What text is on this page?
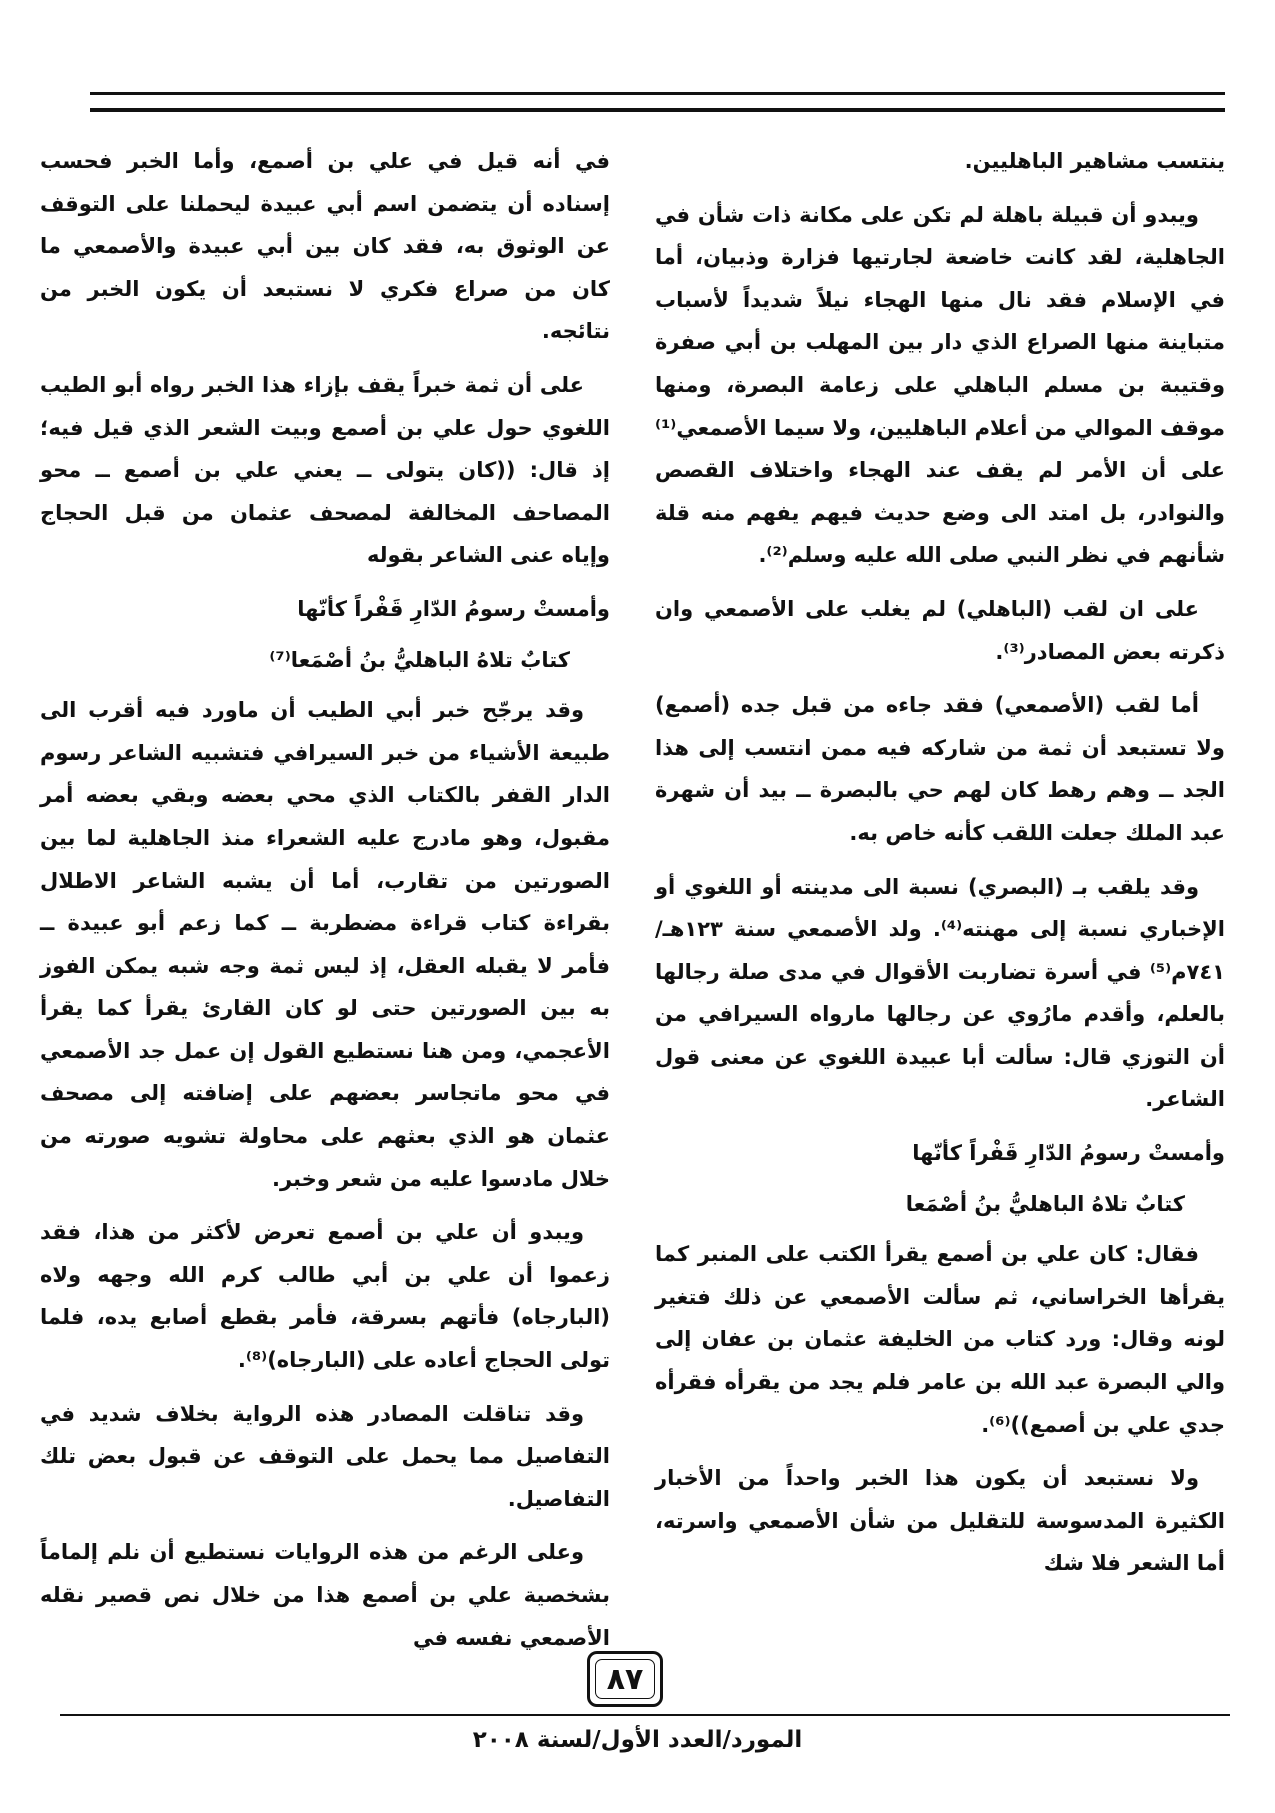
ينتسب مشاهير الباهليين.

ويبدو أن قبيلة باهلة لم تكن على مكانة ذات شأن في الجاهلية، لقد كانت خاضعة لجارتيها فزارة وذبيان، أما في الإسلام فقد نال منها الهجاء نيلاً شديداً لأسباب متباينة منها الصراع الذي دار بين المهلب بن أبي صفرة وقتيبة بن مسلم الباهلي على زعامة البصرة، ومنها موقف الموالي من أعلام الباهليين، ولا سيما الأصمعي⁽¹⁾ على أن الأمر لم يقف عند الهجاء واختلاف القصص والنوادر، بل امتد الى وضع حديث فيهم يفهم منه قلة شأنهم في نظر النبي صلى الله عليه وسلم⁽²⁾.

على ان لقب (الباهلي) لم يغلب على الأصمعي وان ذكرته بعض المصادر⁽³⁾.

أما لقب (الأصمعي) فقد جاءه من قبل جده (أصمع) ولا تستبعد أن ثمة من شاركه فيه ممن انتسب إلى هذا الجد ــ وهم رهط كان لهم حي بالبصرة ــ بيد أن شهرة عبد الملك جعلت اللقب كأنه خاص به.

وقد يلقب بـ (البصري) نسبة الى مدينته أو اللغوي أو الإخباري نسبة إلى مهنته⁽⁴⁾. ولد الأصمعي سنة ١٢٣هـ/ ٧٤١م⁽⁵⁾ في أسرة تضاربت الأقوال في مدى صلة رجالها بالعلم، وأقدم مارُوي عن رجالها مارواه السيرافي من أن التوزي قال: سألت أبا عبيدة اللغوي عن معنى قول الشاعر.

وأمستْ رسومُ الدّارِ قَفْراً كأنّها

كتابٌ تلاهُ الباهليُّ بنُ أصْمَعا

فقال: كان علي بن أصمع يقرأ الكتب على المنبر كما يقرأها الخراساني، ثم سألت الأصمعي عن ذلك فتغير لونه وقال: ورد كتاب من الخليفة عثمان بن عفان إلى والي البصرة عبد الله بن عامر فلم يجد من يقرأه فقرأه جدي علي بن أصمع))⁽⁶⁾.

ولا نستبعد أن يكون هذا الخبر واحداً من الأخبار الكثيرة المدسوسة للتقليل من شأن الأصمعي واسرته، أما الشعر فلا شك

في أنه قيل في علي بن أصمع، وأما الخبر فحسب إسناده أن يتضمن اسم أبي عبيدة ليحملنا على التوقف عن الوثوق به، فقد كان بين أبي عبيدة والأصمعي ما كان من صراع فكري لا نستبعد أن يكون الخبر من نتائجه.

على أن ثمة خبراً يقف بإزاء هذا الخبر رواه أبو الطيب اللغوي حول علي بن أصمع وبيت الشعر الذي قيل فيه؛ إذ قال: ((كان يتولى ــ يعني علي بن أصمع ــ محو المصاحف المخالفة لمصحف عثمان من قبل الحجاج وإياه عنى الشاعر بقوله

وأمستْ رسومُ الدّارِ قَفْراً كأنّها

كتابٌ تلاهُ الباهليُّ بنُ أصْمَعا⁽⁷⁾

وقد يرجّح خبر أبي الطيب أن ماورد فيه أقرب الى طبيعة الأشياء من خبر السيرافي فتشبيه الشاعر رسوم الدار القفر بالكتاب الذي محي بعضه وبقي بعضه أمر مقبول، وهو مادرج عليه الشعراء منذ الجاهلية لما بين الصورتين من تقارب، أما أن يشبه الشاعر الاطلال بقراءة كتاب قراءة مضطربة ــ كما زعم أبو عبيدة ــ فأمر لا يقبله العقل، إذ ليس ثمة وجه شبه يمكن الفوز به بين الصورتين حتى لو كان القارئ يقرأ كما يقرأ الأعجمي، ومن هنا نستطيع القول إن عمل جد الأصمعي في محو ماتجاسر بعضهم على إضافته إلى مصحف عثمان هو الذي بعثهم على محاولة تشويه صورته من خلال مادسوا عليه من شعر وخبر.

ويبدو أن علي بن أصمع تعرض لأكثر من هذا، فقد زعموا أن علي بن أبي طالب كرم الله وجهه ولاه (البارجاه) فأتهم بسرقة، فأمر بقطع أصابع يده، فلما تولى الحجاج أعاده على (البارجاه)⁽⁸⁾.

وقد تناقلت المصادر هذه الرواية بخلاف شديد في التفاصيل مما يحمل على التوقف عن قبول بعض تلك التفاصيل.

وعلى الرغم من هذه الروايات نستطيع أن نلم إلماماً بشخصية علي بن أصمع هذا من خلال نص قصير نقله الأصمعي نفسه في

٨٧
المورد/العدد الأول/لسنة ٢٠٠٨
